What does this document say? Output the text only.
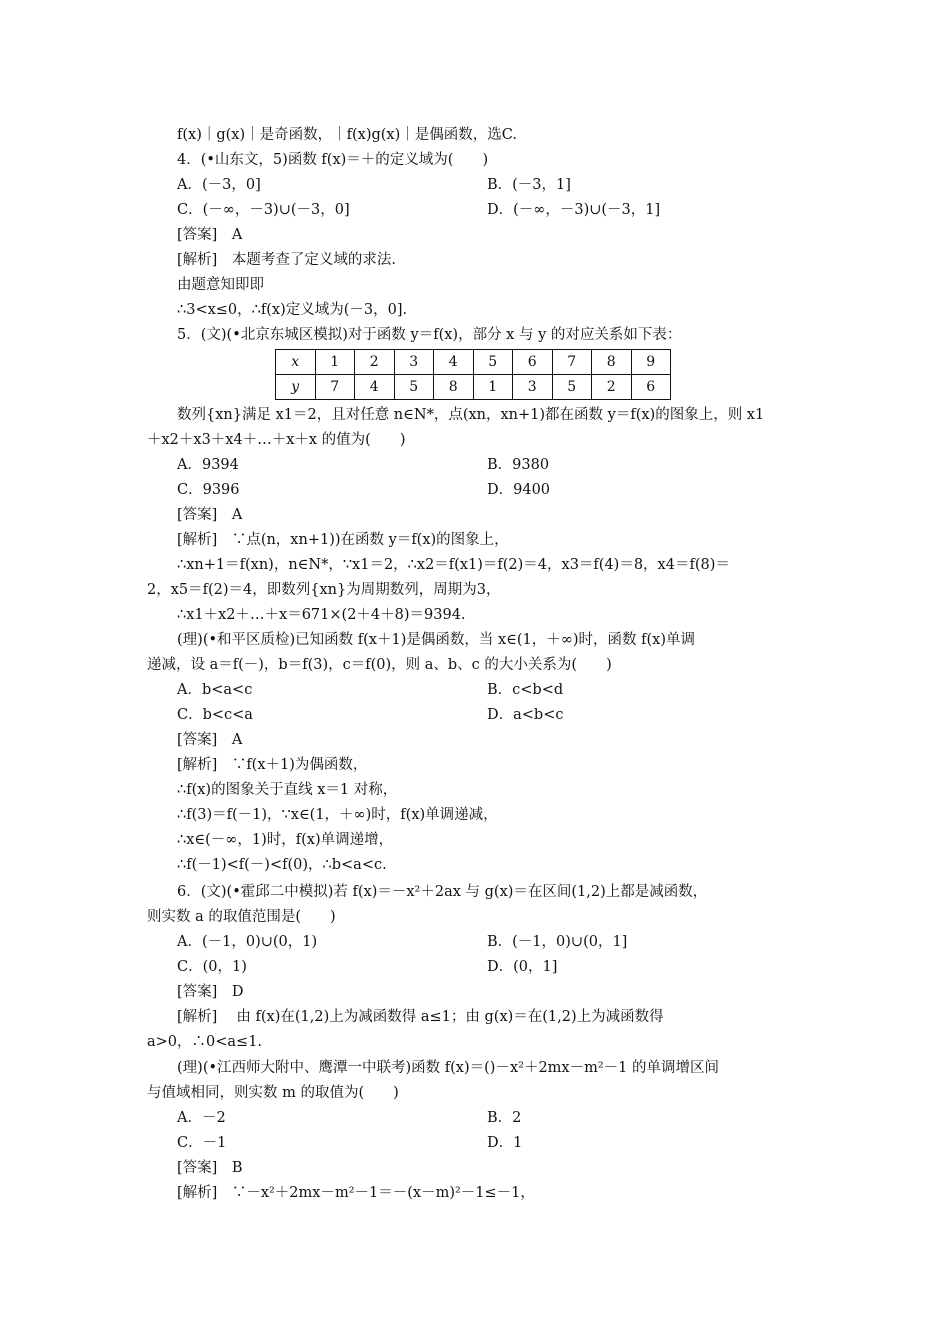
f(x)｜g(x)｜是奇函数，｜f(x)g(x)｜是偶函数，选C.
4．(•山东文，5)函数 f(x)＝＋的定义域为(　　)
A．(－3，0]	B．(－3，1]
C．(－∞，－3)∪(－3，0]	D．(－∞，－3)∪(－3，1]
[答案]　A
[解析]　本题考查了定义域的求法.
由题意知即即
∴3<x≤0，∴f(x)定义域为(－3，0].
5．(文)(•北京东城区模拟)对于函数 y＝f(x)，部分 x 与 y 的对应关系如下表：
x	1	2	3	4	5	6	7	8	9
y	7	4	5	8	1	3	5	2	6
数列{xn}满足 x1＝2，且对任意 n∈N*，点(xn，xn+1)都在函数 y＝f(x)的图象上，则 x1
＋x2＋x3＋x4＋…＋x＋x 的值为(　　)
A．9394	B．9380
C．9396	D．9400
[答案]　A
[解析]　∵点(n，xn+1))在函数 y＝f(x)的图象上，
∴xn+1＝f(xn)，n∈N*，∵x1＝2，∴x2＝f(x1)＝f(2)＝4，x3＝f(4)＝8，x4＝f(8)＝
2，x5＝f(2)＝4，即数列{xn}为周期数列，周期为3，
∴x1＋x2＋…＋x＝671×(2＋4＋8)＝9394.
(理)(•和平区质检)已知函数 f(x＋1)是偶函数，当 x∈(1，＋∞)时，函数 f(x)单调
递减，设 a＝f(－)，b＝f(3)，c＝f(0)，则 a、b、c 的大小关系为(　　)
A．b<a<c	B．c<b<d
C．b<c<a	D．a<b<c
[答案]　A
[解析]　∵f(x＋1)为偶函数，
∴f(x)的图象关于直线 x＝1 对称，
∴f(3)＝f(－1)，∵x∈(1，＋∞)时，f(x)单调递减，
∴x∈(－∞，1)时，f(x)单调递增，
∴f(－1)<f(－)<f(0)，∴b<a<c.
6．(文)(•霍邱二中模拟)若 f(x)＝－x²＋2ax 与 g(x)＝在区间(1,2)上都是减函数，
则实数 a 的取值范围是(　　)
A．(－1，0)∪(0，1)	B．(－1，0)∪(0，1]
C．(0，1)	D．(0，1]
[答案]　D
[解析]　 由 f(x)在(1,2)上为减函数得 a≤1；由 g(x)＝在(1,2)上为减函数得
a>0，∴0<a≤1.
(理)(•江西师大附中、鹰潭一中联考)函数 f(x)＝()－x²＋2mx－m²－1 的单调增区间
与值域相同，则实数 m 的取值为(　　)
A．－2	B．2
C．－1	D．1
[答案]　B
[解析]　∵－x²＋2mx－m²－1＝－(x－m)²－1≤－1，
